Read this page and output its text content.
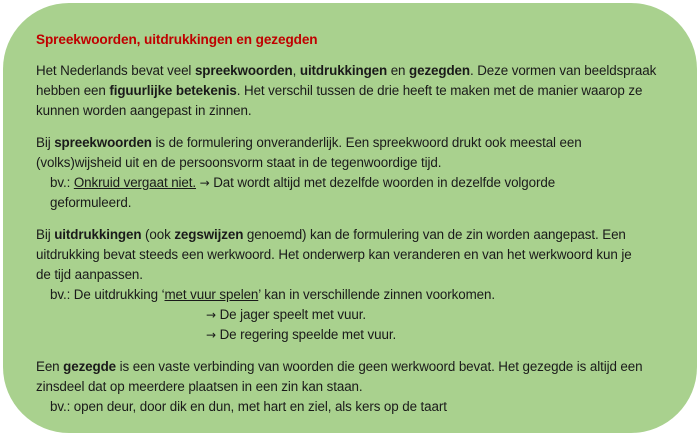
Spreekwoorden, uitdrukkingen en gezegden
Het Nederlands bevat veel spreekwoorden, uitdrukkingen en gezegden. Deze vormen van beeldspraak
hebben een figuurlijke betekenis. Het verschil tussen de drie heeft te maken met de manier waarop ze
kunnen worden aangepast in zinnen.
Bij spreekwoorden is de formulering onveranderlijk. Een spreekwoord drukt ook meestal een
(volks)wijsheid uit en de persoonsvorm staat in de tegenwoordige tijd.
bv.: Onkruid vergaat niet. → Dat wordt altijd met dezelfde woorden in dezelfde volgorde
geformuleerd.
Bij uitdrukkingen (ook zegswijzen genoemd) kan de formulering van de zin worden aangepast. Een
uitdrukking bevat steeds een werkwoord. Het onderwerp kan veranderen en van het werkwoord kun je
de tijd aanpassen.
bv.: De uitdrukking ‘met vuur spelen’ kan in verschillende zinnen voorkomen.
→ De jager speelt met vuur.
→ De regering speelde met vuur.
Een gezegde is een vaste verbinding van woorden die geen werkwoord bevat. Het gezegde is altijd een
zinsdeel dat op meerdere plaatsen in een zin kan staan.
bv.: open deur, door dik en dun, met hart en ziel, als kers op de taart
